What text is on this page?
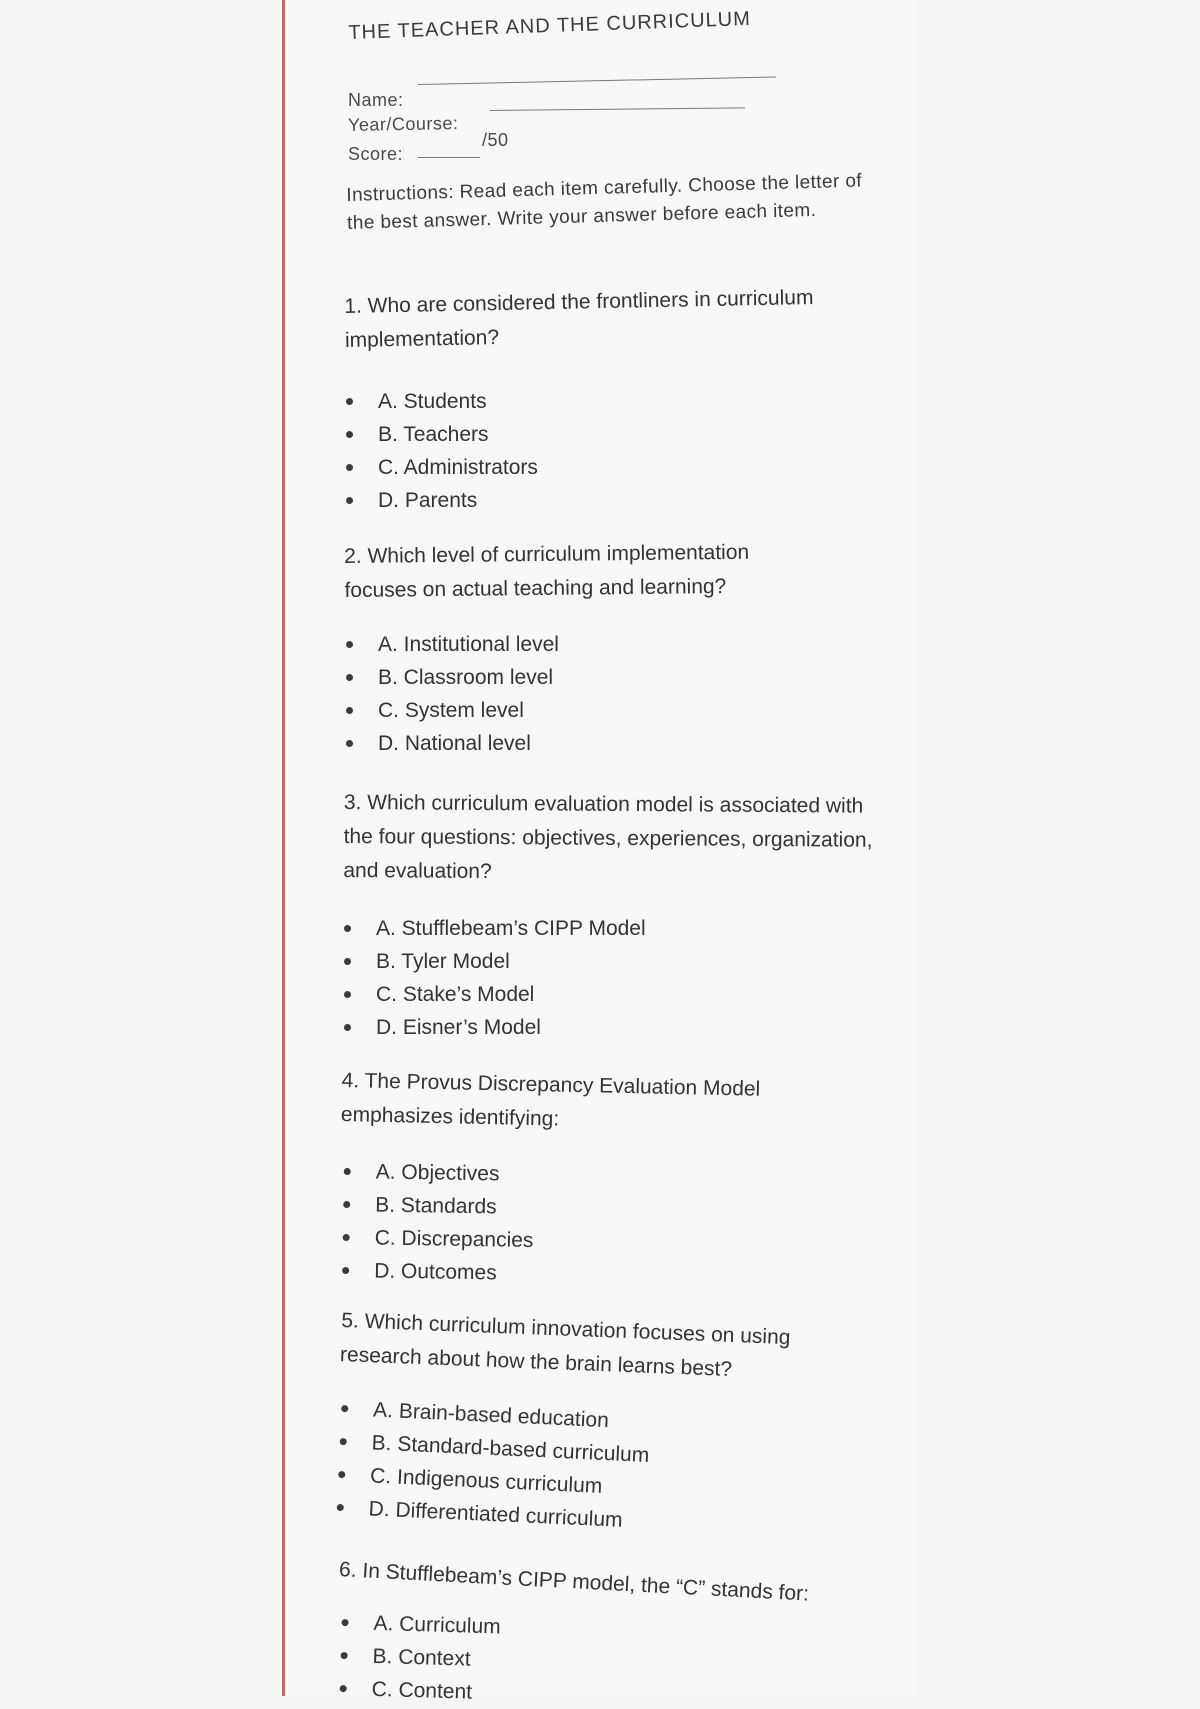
THE TEACHER AND THE CURRICULUM
Name:
Year/Course:
Score:
/50
Instructions: Read each item carefully. Choose the letter of the best answer. Write your answer before each item.
1. Who are considered the frontliners in curriculum implementation?
A. Students
B. Teachers
C. Administrators
D. Parents
2. Which level of curriculum implementation focuses on actual teaching and learning?
A. Institutional level
B. Classroom level
C. System level
D. National level
3. Which curriculum evaluation model is associated with the four questions: objectives, experiences, organization, and evaluation?
A. Stufflebeam’s CIPP Model
B. Tyler Model
C. Stake’s Model
D. Eisner’s Model
4. The Provus Discrepancy Evaluation Model emphasizes identifying:
A. Objectives
B. Standards
C. Discrepancies
D. Outcomes
5. Which curriculum innovation focuses on using research about how the brain learns best?
A. Brain-based education
B. Standard-based curriculum
C. Indigenous curriculum
D. Differentiated curriculum
6. In Stufflebeam’s CIPP model, the “C” stands for:
A. Curriculum
B. Context
C. Content
